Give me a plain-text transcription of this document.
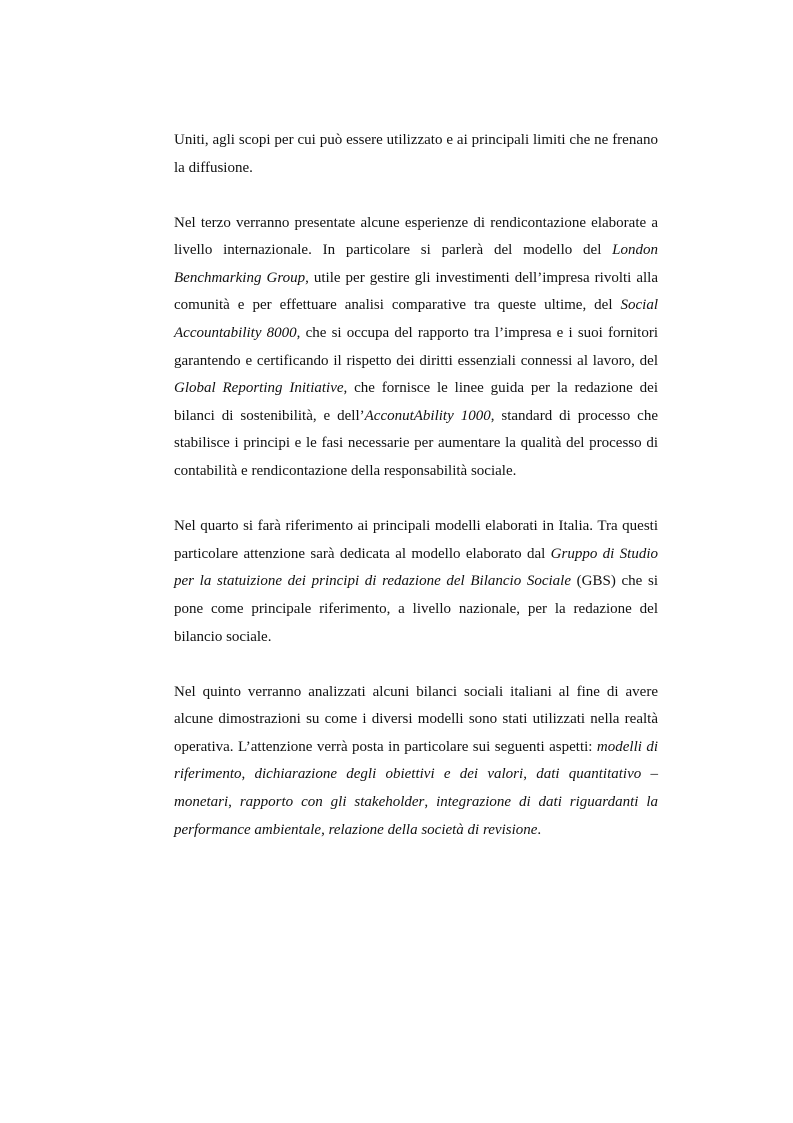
Uniti, agli scopi per cui può essere utilizzato e ai principali limiti che ne frenano la diffusione.

Nel terzo verranno presentate alcune esperienze di rendicontazione elaborate a livello internazionale. In particolare si parlerà del modello del London Benchmarking Group, utile per gestire gli investimenti dell’impresa rivolti alla comunità e per effettuare analisi comparative tra queste ultime, del Social Accountability 8000, che si occupa del rapporto tra l’impresa e i suoi fornitori garantendo e certificando il rispetto dei diritti essenziali connessi al lavoro, del Global Reporting Initiative, che fornisce le linee guida per la redazione dei bilanci di sostenibilità, e dell’AcconutAbility 1000, standard di processo che stabilisce i principi e le fasi necessarie per aumentare la qualità del processo di contabilità e rendicontazione della responsabilità sociale.

Nel quarto si farà riferimento ai principali modelli elaborati in Italia. Tra questi particolare attenzione sarà dedicata al modello elaborato dal Gruppo di Studio per la statuizione dei principi di redazione del Bilancio Sociale (GBS) che si pone come principale riferimento, a livello nazionale, per la redazione del bilancio sociale.

Nel quinto verranno analizzati alcuni bilanci sociali italiani al fine di avere alcune dimostrazioni su come i diversi modelli sono stati utilizzati nella realtà operativa. L’attenzione verrà posta in particolare sui seguenti aspetti: modelli di riferimento, dichiarazione degli obiettivi e dei valori, dati quantitativo – monetari, rapporto con gli stakeholder, integrazione di dati riguardanti la performance ambientale, relazione della società di revisione.
